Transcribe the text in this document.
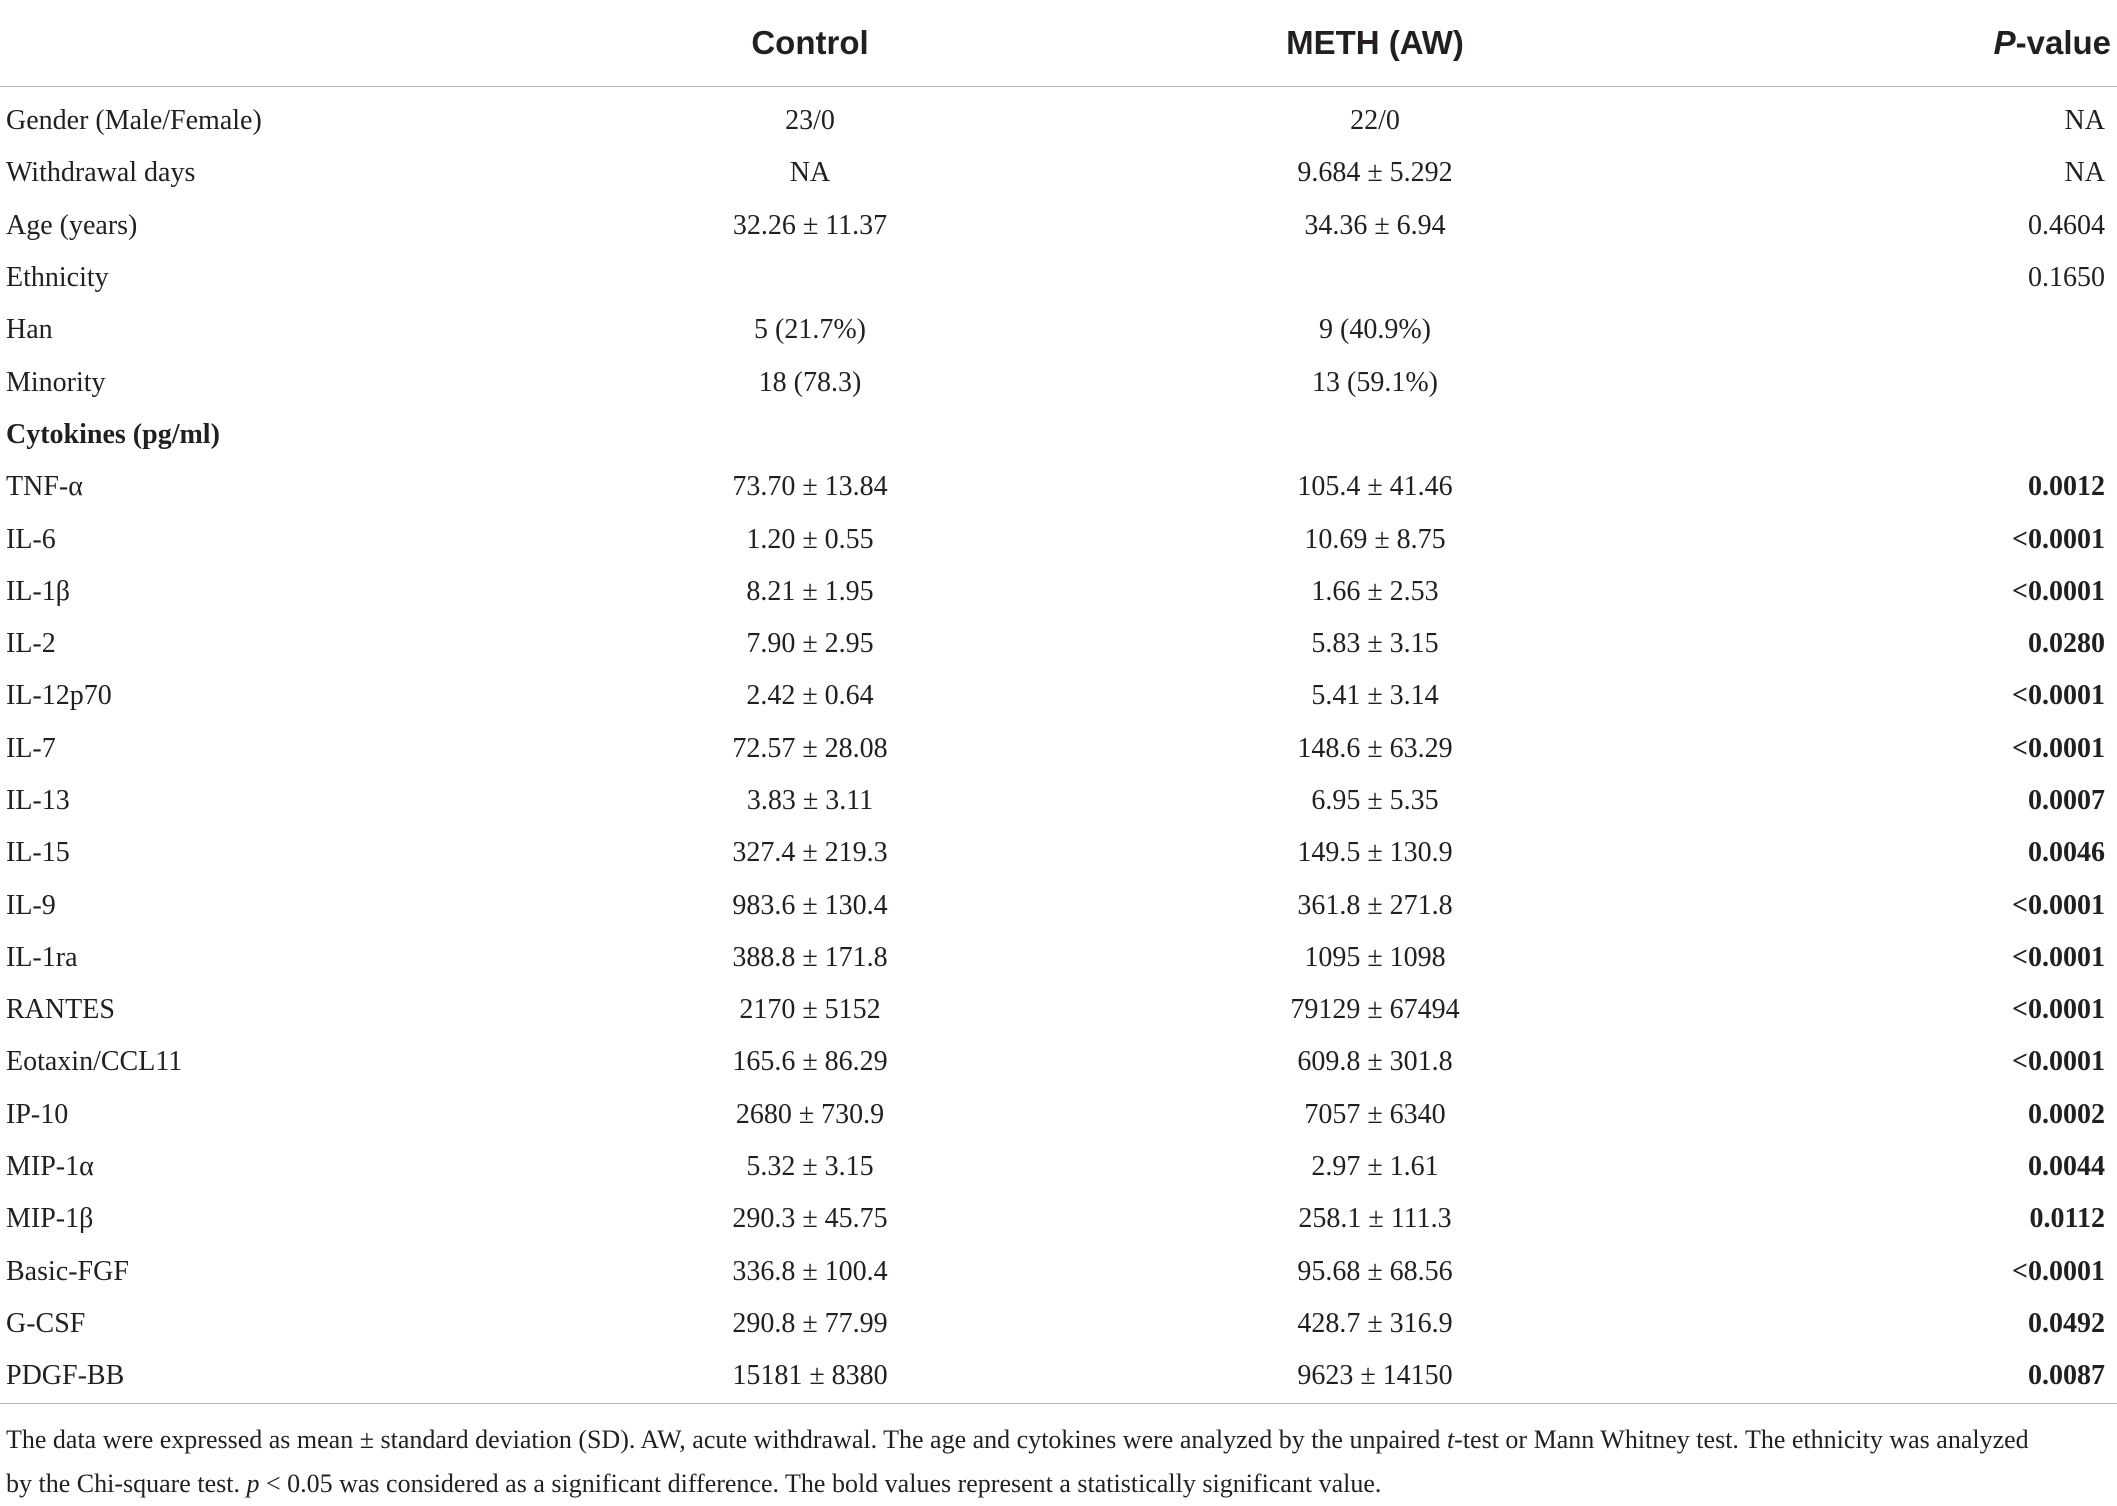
	Control	METH (AW)	P-value
Gender (Male/Female)	23/0	22/0	NA
Withdrawal days	NA	9.684 ± 5.292	NA
Age (years)	32.26 ± 11.37	34.36 ± 6.94	0.4604
Ethnicity			0.1650
Han	5 (21.7%)	9 (40.9%)	
Minority	18 (78.3)	13 (59.1%)	
Cytokines (pg/ml)			
TNF-α	73.70 ± 13.84	105.4 ± 41.46	0.0012
IL-6	1.20 ± 0.55	10.69 ± 8.75	<0.0001
IL-1β	8.21 ± 1.95	1.66 ± 2.53	<0.0001
IL-2	7.90 ± 2.95	5.83 ± 3.15	0.0280
IL-12p70	2.42 ± 0.64	5.41 ± 3.14	<0.0001
IL-7	72.57 ± 28.08	148.6 ± 63.29	<0.0001
IL-13	3.83 ± 3.11	6.95 ± 5.35	0.0007
IL-15	327.4 ± 219.3	149.5 ± 130.9	0.0046
IL-9	983.6 ± 130.4	361.8 ± 271.8	<0.0001
IL-1ra	388.8 ± 171.8	1095 ± 1098	<0.0001
RANTES	2170 ± 5152	79129 ± 67494	<0.0001
Eotaxin/CCL11	165.6 ± 86.29	609.8 ± 301.8	<0.0001
IP-10	2680 ± 730.9	7057 ± 6340	0.0002
MIP-1α	5.32 ± 3.15	2.97 ± 1.61	0.0044
MIP-1β	290.3 ± 45.75	258.1 ± 111.3	0.0112
Basic-FGF	336.8 ± 100.4	95.68 ± 68.56	<0.0001
G-CSF	290.8 ± 77.99	428.7 ± 316.9	0.0492
PDGF-BB	15181 ± 8380	9623 ± 14150	0.0087
The data were expressed as mean ± standard deviation (SD). AW, acute withdrawal. The age and cytokines were analyzed by the unpaired t-test or Mann Whitney test. The ethnicity was analyzed
by the Chi-square test. p < 0.05 was considered as a significant difference. The bold values represent a statistically significant value.
